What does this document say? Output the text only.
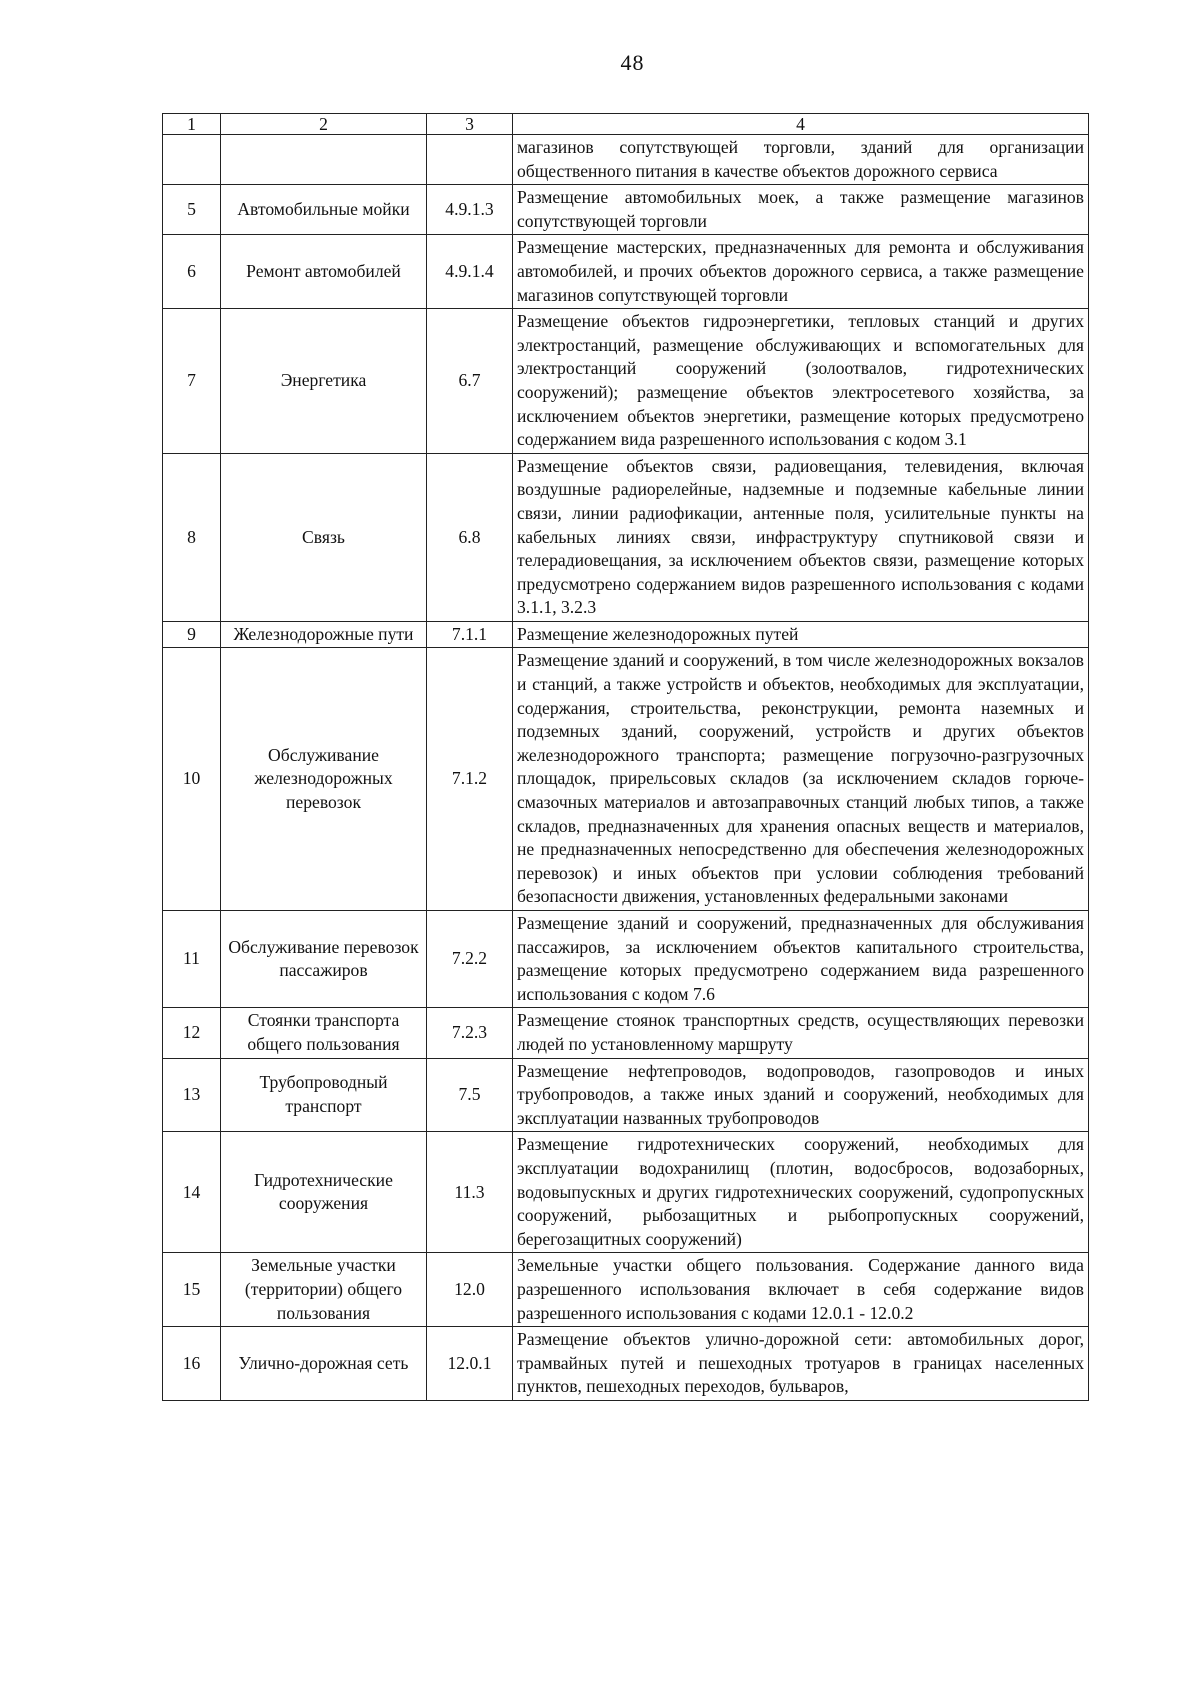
48
1	2	3	4
			магазинов сопутствующей торговли, зданий для организации общественного питания в качестве объектов дорожного сервиса
5	Автомобильные мойки	4.9.1.3	Размещение автомобильных моек, а также размещение магазинов сопутствующей торговли
6	Ремонт автомобилей	4.9.1.4	Размещение мастерских, предназначенных для ремонта и обслуживания автомобилей, и прочих объектов дорожного сервиса, а также размещение магазинов сопутствующей торговли
7	Энергетика	6.7	Размещение объектов гидроэнергетики, тепловых станций и других электростанций, размещение обслуживающих и вспомогательных для электростанций сооружений (золоотвалов, гидротехнических сооружений); размещение объектов электросетевого хозяйства, за исключением объектов энергетики, размещение которых предусмотрено содержанием вида разрешенного использования с кодом 3.1
8	Связь	6.8	Размещение объектов связи, радиовещания, телевидения, включая воздушные радиорелейные, надземные и подземные кабельные линии связи, линии радиофикации, антенные поля, усилительные пункты на кабельных линиях связи, инфраструктуру спутниковой связи и телерадиовещания, за исключением объектов связи, размещение которых предусмотрено содержанием видов разрешенного использования с кодами 3.1.1, 3.2.3
9	Железнодорожные пути	7.1.1	Размещение железнодорожных путей
10	Обслуживание железнодорожных перевозок	7.1.2	Размещение зданий и сооружений, в том числе железнодорожных вокзалов и станций, а также устройств и объектов, необходимых для эксплуатации, содержания, строительства, реконструкции, ремонта наземных и подземных зданий, сооружений, устройств и других объектов железнодорожного транспорта; размещение погрузочно-разгрузочных площадок, прирельсовых складов (за исключением складов горюче-смазочных материалов и автозаправочных станций любых типов, а также складов, предназначенных для хранения опасных веществ и материалов, не предназначенных непосредственно для обеспечения железнодорожных перевозок) и иных объектов при условии соблюдения требований безопасности движения, установленных федеральными законами
11	Обслуживание перевозок пассажиров	7.2.2	Размещение зданий и сооружений, предназначенных для обслуживания пассажиров, за исключением объектов капитального строительства, размещение которых предусмотрено содержанием вида разрешенного использования с кодом 7.6
12	Стоянки транспорта общего пользования	7.2.3	Размещение стоянок транспортных средств, осуществляющих перевозки людей по установленному маршруту
13	Трубопроводный транспорт	7.5	Размещение нефтепроводов, водопроводов, газопроводов и иных трубопроводов, а также иных зданий и сооружений, необходимых для эксплуатации названных трубопроводов
14	Гидротехнические сооружения	11.3	Размещение гидротехнических сооружений, необходимых для эксплуатации водохранилищ (плотин, водосбросов, водозаборных, водовыпускных и других гидротехнических сооружений, судопропускных сооружений, рыбозащитных и рыбопропускных сооружений, берегозащитных сооружений)
15	Земельные участки (территории) общего пользования	12.0	Земельные участки общего пользования. Содержание данного вида разрешенного использования включает в себя содержание видов разрешенного использования с кодами 12.0.1 - 12.0.2
16	Улично-дорожная сеть	12.0.1	Размещение объектов улично-дорожной сети: автомобильных дорог, трамвайных путей и пешеходных тротуаров в границах населенных пунктов, пешеходных переходов, бульваров,
